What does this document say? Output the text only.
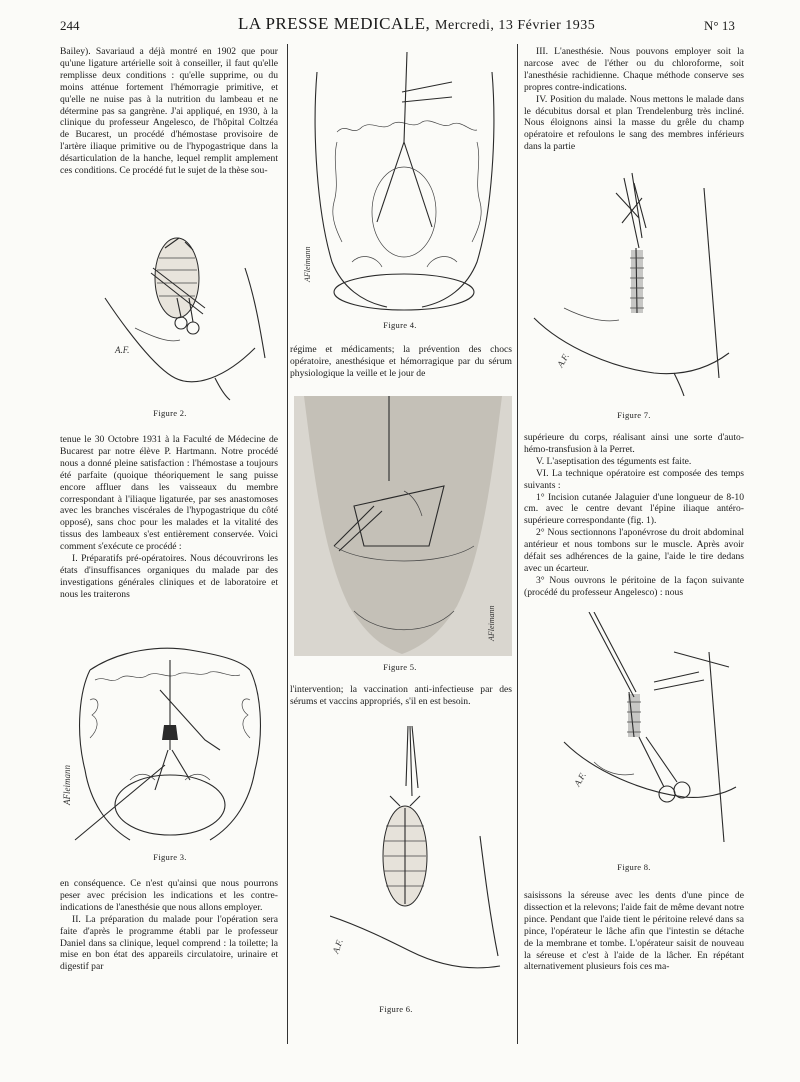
244	LA PRESSE MEDICALE, Mercredi, 13 Février 1935	N° 13

Bailey). Savariaud a déjà montré en 1902 que pour qu'une ligature artérielle soit à conseiller, il faut qu'elle remplisse deux conditions : qu'elle supprime, ou du moins atténue fortement l'hémorragie primitive, et qu'elle ne nuise pas à la nutrition du lambeau et ne détermine pas sa gangrène. J'ai appliqué, en 1930, à la clinique du professeur Angelesco, de l'hôpital Coltzéa de Bucarest, un procédé d'hémostase provisoire de l'artère iliaque primitive ou de l'hypogastrique dans la désarticulation de la hanche, lequel remplit amplement ces conditions. Ce procédé fut le sujet de la thèse sou-

tenue le 30 Octobre 1931 à la Faculté de Médecine de Bucarest par notre élève P. Hartmann. Notre procédé nous a donné pleine satisfaction : l'hémostase a toujours été parfaite (quoique théoriquement le sang puisse encore affluer dans les vaisseaux du membre correspondant à l'iliaque ligaturée, par ses anastomoses avec les branches viscérales de l'hypogastrique du côté opposé), sans choc pour les malades et la vitalité des tissus des lambeaux s'est entièrement conservée. Voici comment s'exécute ce procédé :

I. Préparatifs pré-opératoires. Nous découvrirons les états d'insuffisances organiques du malade par des investigations générales cliniques et de laboratoire et nous les traiterons

en conséquence. Ce n'est qu'ainsi que nous pourrons peser avec précision les indications et les contre-indications de l'anesthésie que nous allons employer.

II. La préparation du malade pour l'opération sera faite d'après le programme établi par le professeur Daniel dans sa clinique, lequel comprend : la toilette; la mise en bon état des appareils circulatoire, urinaire et digestif par

régime et médicaments; la prévention des chocs opératoire, anesthésique et hémorragique par du sérum physiologique la veille et le jour de

l'intervention; la vaccination anti-infectieuse par des sérums et vaccins appropriés, s'il en est besoin.

III. L'anesthésie. Nous pouvons employer soit la narcose avec de l'éther ou du chloroforme, soit l'anesthésie rachidienne. Chaque méthode conserve ses propres contre-indications.

IV. Position du malade. Nous mettons le malade dans le décubitus dorsal et plan Trendelenburg très incliné. Nous éloignons ainsi la masse du grêle du champ opératoire et refoulons le sang des membres inférieurs dans la partie

supérieure du corps, réalisant ainsi une sorte d'auto-hémo-transfusion à la Perret.

V. L'aseptisation des téguments est faite.

VI. La technique opératoire est composée des temps suivants :

1° Incision cutanée Jalaguier d'une longueur de 8-10 cm. avec le centre devant l'épine iliaque antéro-supérieure correspondante (fig. 1).

2° Nous sectionnons l'aponévrose du droit abdominal antérieur et nous tombons sur le muscle. Après avoir défait ses adhérences de la gaine, l'aide le tire dedans avec un écarteur.

3° Nous ouvrons le péritoine de la façon suivante (procédé du professeur Angelesco) : nous

saisissons la séreuse avec les dents d'une pince de dissection et la relevons; l'aide fait de même devant notre pince. Pendant que l'aide tient le péritoine relevé dans sa pince, l'opérateur le lâche afin que l'intestin se détache de la membrane et tombe. L'opérateur saisit de nouveau la séreuse et c'est à l'aide de la lâcher. En répétant alternativement plusieurs fois ces ma-

A.F.
Figure 2.
AFleimann
Figure 3.
AFleimann
Figure 4.
AFleimann
Figure 5.
A.F.
Figure 6.
A.F.
Figure 7.
A.F.
Figure 8.
